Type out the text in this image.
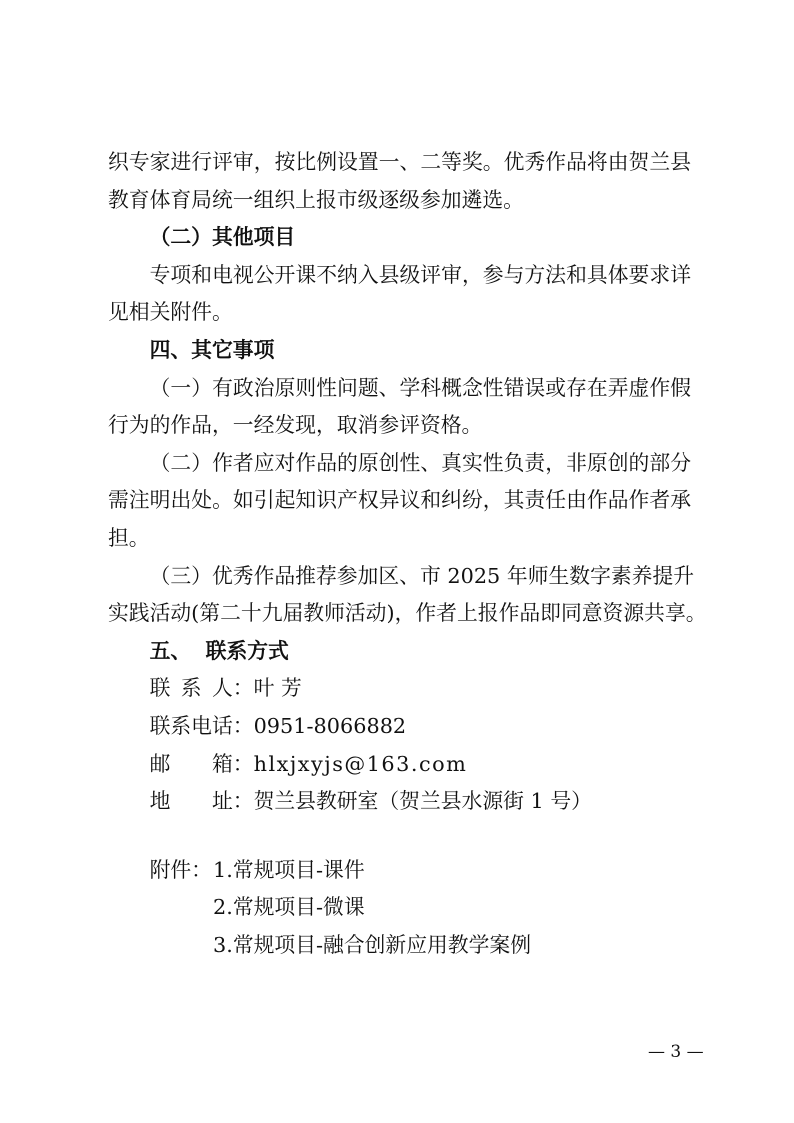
织专家进行评审，按比例设置一、二等奖。优秀作品将由贺兰县
教育体育局统一组织上报市级逐级参加遴选。
（二）其他项目
专项和电视公开课不纳入县级评审，参与方法和具体要求详
见相关附件。
四、其它事项
（一）有政治原则性问题、学科概念性错误或存在弄虚作假
行为的作品，一经发现，取消参评资格。
（二）作者应对作品的原创性、真实性负责，非原创的部分
需注明出处。如引起知识产权异议和纠纷，其责任由作品作者承
担。
（三）优秀作品推荐参加区、市 2025 年师生数字素养提升
实践活动(第二十九届教师活动)，作者上报作品即同意资源共享。
五、  联系方式
联 系 人 ： 叶 芳
联系电话 ： 0951-8066882
邮 箱 ： hlxjxyjs@163.com
地 址 ： 贺兰县教研室（贺兰县水源街 1 号）
附件： 1.常规项目-课件
2.常规项目-微课
3.常规项目-融合创新应用教学案例
— 3 —
